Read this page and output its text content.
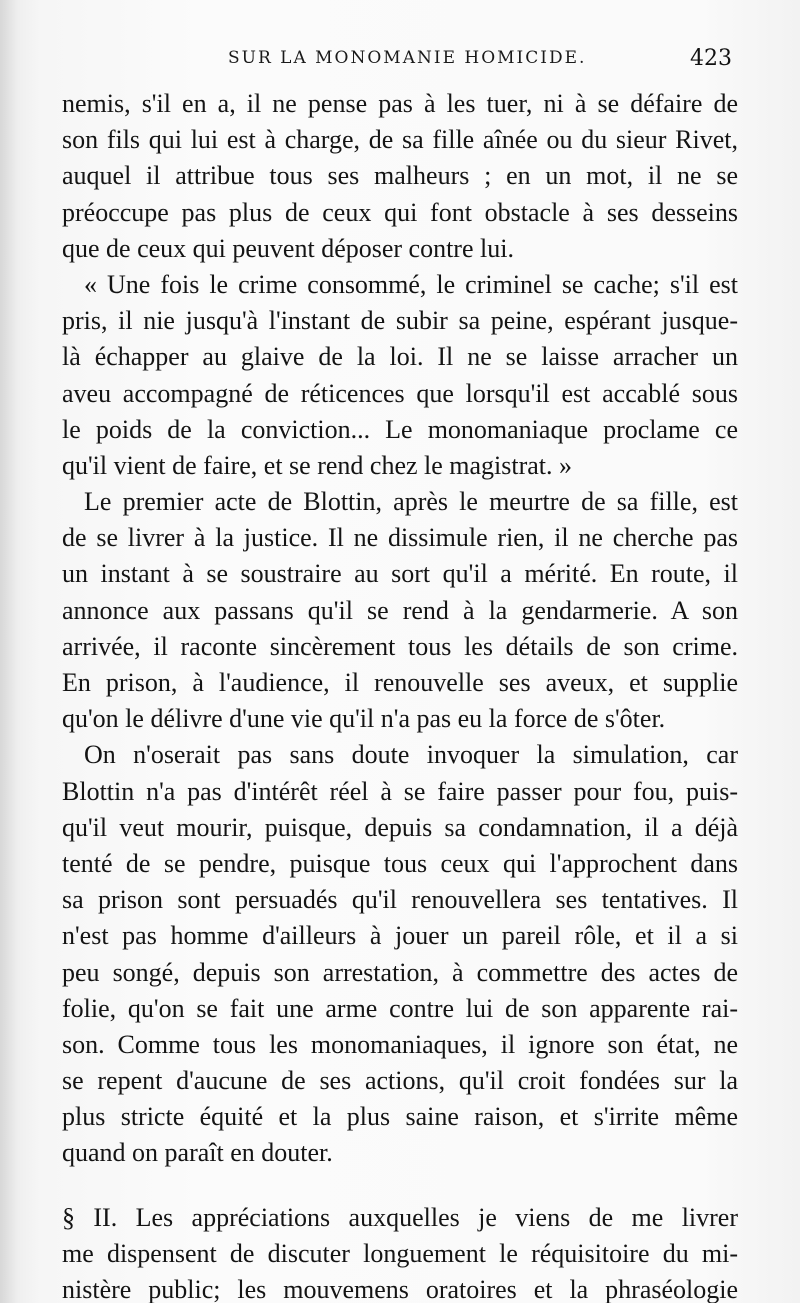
SUR LA MONOMANIE HOMICIDE.	423
nemis, s'il en a, il ne pense pas à les tuer, ni à se défaire de
son fils qui lui est à charge, de sa fille aînée ou du sieur Rivet,
auquel il attribue tous ses malheurs ; en un mot, il ne se
préoccupe pas plus de ceux qui font obstacle à ses desseins
que de ceux qui peuvent déposer contre lui.
« Une fois le crime consommé, le criminel se cache; s'il est
pris, il nie jusqu'à l'instant de subir sa peine, espérant jusque-
là échapper au glaive de la loi. Il ne se laisse arracher un
aveu accompagné de réticences que lorsqu'il est accablé sous
le poids de la conviction... Le monomaniaque proclame ce
qu'il vient de faire, et se rend chez le magistrat. »
Le premier acte de Blottin, après le meurtre de sa fille, est
de se livrer à la justice. Il ne dissimule rien, il ne cherche pas
un instant à se soustraire au sort qu'il a mérité. En route, il
annonce aux passans qu'il se rend à la gendarmerie. A son
arrivée, il raconte sincèrement tous les détails de son crime.
En prison, à l'audience, il renouvelle ses aveux, et supplie
qu'on le délivre d'une vie qu'il n'a pas eu la force de s'ôter.
On n'oserait pas sans doute invoquer la simulation, car
Blottin n'a pas d'intérêt réel à se faire passer pour fou, puis-
qu'il veut mourir, puisque, depuis sa condamnation, il a déjà
tenté de se pendre, puisque tous ceux qui l'approchent dans
sa prison sont persuadés qu'il renouvellera ses tentatives. Il
n'est pas homme d'ailleurs à jouer un pareil rôle, et il a si
peu songé, depuis son arrestation, à commettre des actes de
folie, qu'on se fait une arme contre lui de son apparente rai-
son. Comme tous les monomaniaques, il ignore son état, ne
se repent d'aucune de ses actions, qu'il croit fondées sur la
plus stricte équité et la plus saine raison, et s'irrite même
quand on paraît en douter.
§ II. Les appréciations auxquelles je viens de me livrer
me dispensent de discuter longuement le réquisitoire du mi-
nistère public; les mouvemens oratoires et la phraséologie
